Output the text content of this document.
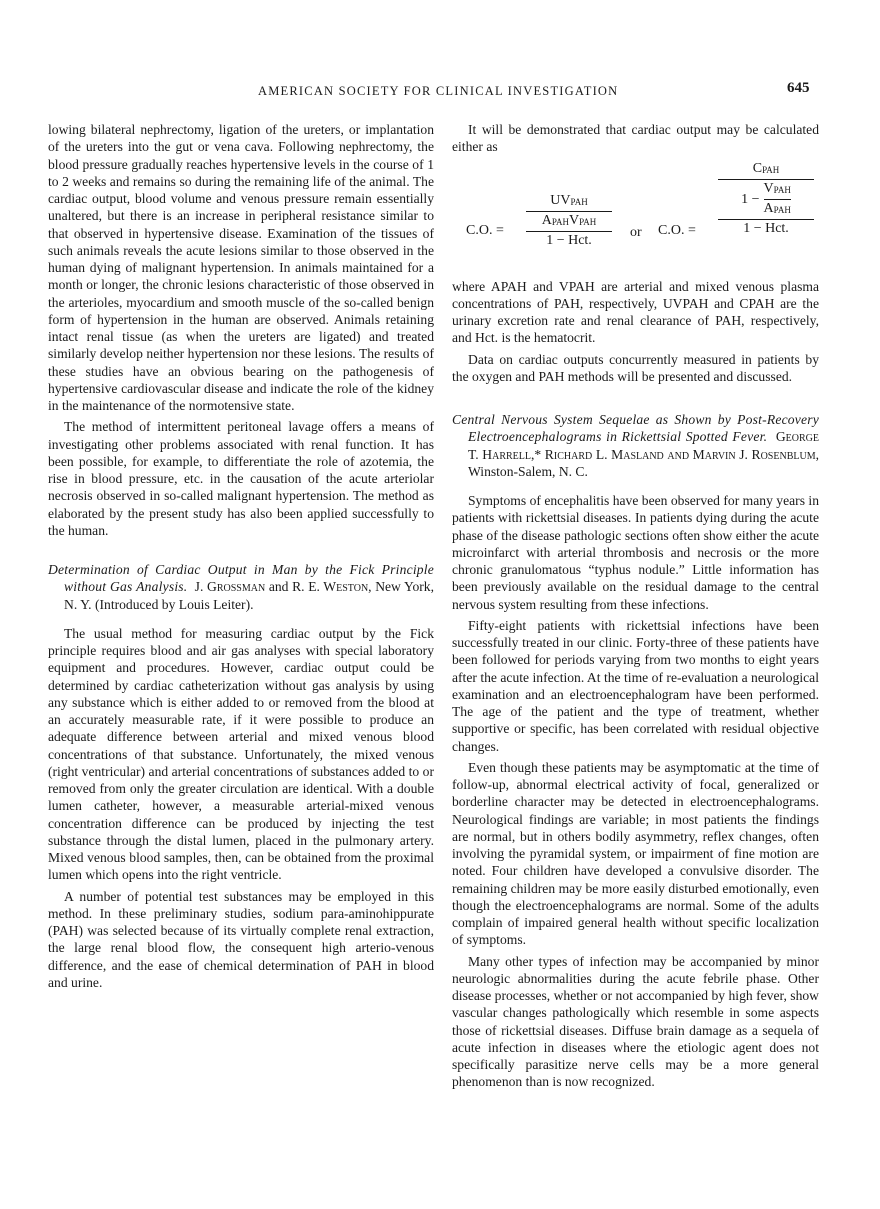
AMERICAN SOCIETY FOR CLINICAL INVESTIGATION	645

lowing bilateral nephrectomy, ligation of the ureters, or implantation of the ureters into the gut or vena cava. Following nephrectomy, the blood pressure gradually reaches hypertensive levels in the course of 1 to 2 weeks and remains so during the remaining life of the animal. The cardiac output, blood volume and venous pressure remain essentially unaltered, but there is an increase in peripheral resistance similar to that observed in hypertensive disease. Examination of the tissues of such animals reveals the acute lesions similar to those observed in the human dying of malignant hypertension. In animals maintained for a month or longer, the chronic lesions characteristic of those observed in the arterioles, myocardium and smooth muscle of the so-called benign form of hypertension in the human are observed. Animals retaining intact renal tissue (as when the ureters are ligated) and treated similarly develop neither hypertension nor these lesions. The results of these studies have an obvious bearing on the pathogenesis of hypertensive cardiovascular disease and indicate the role of the kidney in the maintenance of the normotensive state.

The method of intermittent peritoneal lavage offers a means of investigating other problems associated with renal function. It has been possible, for example, to differentiate the role of azotemia, the rise in blood pressure, etc. in the causation of the acute arteriolar necrosis observed in so-called malignant hypertension. The method as elaborated by the present study has also been applied successfully to the human.

Determination of Cardiac Output in Man by the Fick Principle without Gas Analysis. J. Grossman and R. E. Weston, New York, N. Y. (Introduced by Louis Leiter).

The usual method for measuring cardiac output by the Fick principle requires blood and air gas analyses with special laboratory equipment and procedures. However, cardiac output could be determined by cardiac catheterization without gas analysis by using any substance which is either added to or removed from the blood at an accurately measurable rate, if it were possible to produce an adequate difference between arterial and mixed venous blood concentrations of that substance. Unfortunately, the mixed venous (right ventricular) and arterial concentrations of substances added to or removed from only the greater circulation are identical. With a double lumen catheter, however, a measurable arterial-mixed venous concentration difference can be produced by injecting the test substance through the distal lumen, placed in the pulmonary artery. Mixed venous blood samples, then, can be obtained from the proximal lumen which opens into the right ventricle.

A number of potential test substances may be employed in this method. In these preliminary studies, sodium para-aminohippurate (PAH) was selected because of its virtually complete renal extraction, the large renal blood flow, the consequent high arterio-venous difference, and the ease of chemical determination of PAH in blood and urine.

It will be demonstrated that cardiac output may be calculated either as

C.O. =
$UV_{PAH}$
$A_{PAH}V_{PAH}$
1 − Hct.
or C.O. =
$C_{PAH}$
1 −
$V_{PAH}$
$A_{PAH}$
1 − Hct.

where APAH and VPAH are arterial and mixed venous plasma concentrations of PAH, respectively, UVPAH and CPAH are the urinary excretion rate and renal clearance of PAH, respectively, and Hct. is the hematocrit.

Data on cardiac outputs concurrently measured in patients by the oxygen and PAH methods will be presented and discussed.

Central Nervous System Sequelae as Shown by Post-Recovery Electroencephalograms in Rickettsial Spotted Fever. George T. Harrell,* Richard L. Masland and Marvin J. Rosenblum, Winston-Salem, N. C.

Symptoms of encephalitis have been observed for many years in patients with rickettsial diseases. In patients dying during the acute phase of the disease pathologic sections often show either the acute microinfarct with arterial thrombosis and necrosis or the more chronic granulomatous “typhus nodule.” Little information has been previously available on the residual damage to the central nervous system resulting from these infections.

Fifty-eight patients with rickettsial infections have been successfully treated in our clinic. Forty-three of these patients have been followed for periods varying from two months to eight years after the acute infection. At the time of re-evaluation a neurological examination and an electroencephalogram have been performed. The age of the patient and the type of treatment, whether supportive or specific, has been correlated with residual objective changes.

Even though these patients may be asymptomatic at the time of follow-up, abnormal electrical activity of focal, generalized or borderline character may be detected in electroencephalograms. Neurological findings are variable; in most patients the findings are normal, but in others bodily asymmetry, reflex changes, often involving the pyramidal system, or impairment of fine motion are noted. Four children have developed a convulsive disorder. The remaining children may be more easily disturbed emotionally, even though the electroencephalograms are normal. Some of the adults complain of impaired general health without specific localization of symptoms.

Many other types of infection may be accompanied by minor neurologic abnormalities during the acute febrile phase. Other disease processes, whether or not accompanied by high fever, show vascular changes pathologically which resemble in some aspects those of rickettsial diseases. Diffuse brain damage as a sequela of acute infection in diseases where the etiologic agent does not specifically parasitize nerve cells may be a more general phenomenon than is now recognized.
